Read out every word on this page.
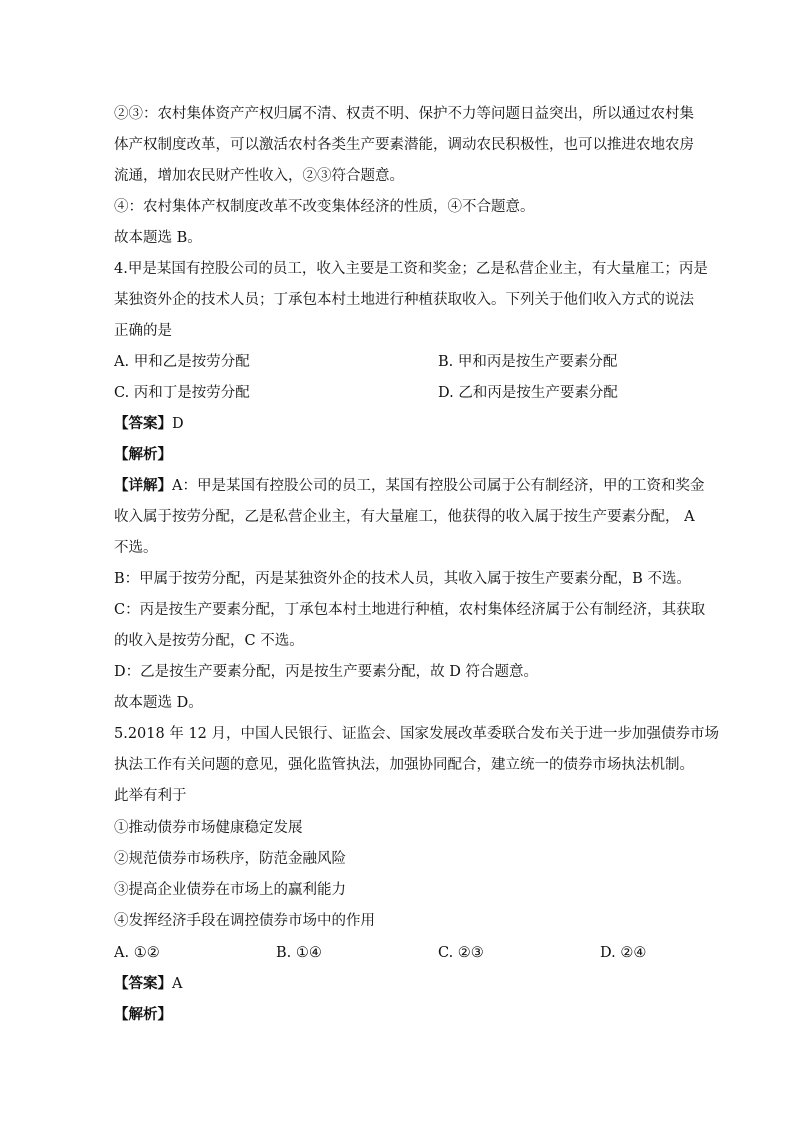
②③：农村集体资产产权归属不清、权责不明、保护不力等问题日益突出，所以通过农村集
体产权制度改革，可以激活农村各类生产要素潜能，调动农民积极性，也可以推进农地农房
流通，增加农民财产性收入，②③符合题意。
④：农村集体产权制度改革不改变集体经济的性质，④不合题意。
故本题选 B。
4.甲是某国有控股公司的员工，收入主要是工资和奖金；乙是私营企业主，有大量雇工；丙是
某独资外企的技术人员；丁承包本村土地进行种植获取收入。下列关于他们收入方式的说法
正确的是
A. 甲和乙是按劳分配	B. 甲和丙是按生产要素分配
C. 丙和丁是按劳分配	D. 乙和丙是按生产要素分配
【答案】D
【解析】
【详解】A：甲是某国有控股公司的员工，某国有控股公司属于公有制经济，甲的工资和奖金
收入属于按劳分配，乙是私营企业主，有大量雇工，他获得的收入属于按生产要素分配， A
不选。
B：甲属于按劳分配，丙是某独资外企的技术人员，其收入属于按生产要素分配，B 不选。
C：丙是按生产要素分配，丁承包本村土地进行种植，农村集体经济属于公有制经济，其获取
的收入是按劳分配，C 不选。
D：乙是按生产要素分配，丙是按生产要素分配，故 D 符合题意。
故本题选 D。
5.2018 年 12 月，中国人民银行、证监会、国家发展改革委联合发布关于进一步加强债券市场
执法工作有关问题的意见，强化监管执法，加强协同配合，建立统一的债券市场执法机制。
此举有利于
①推动债券市场健康稳定发展
②规范债券市场秩序，防范金融风险
③提高企业债券在市场上的赢利能力
④发挥经济手段在调控债券市场中的作用
A. ①②	B. ①④	C. ②③	D. ②④
【答案】A
【解析】
